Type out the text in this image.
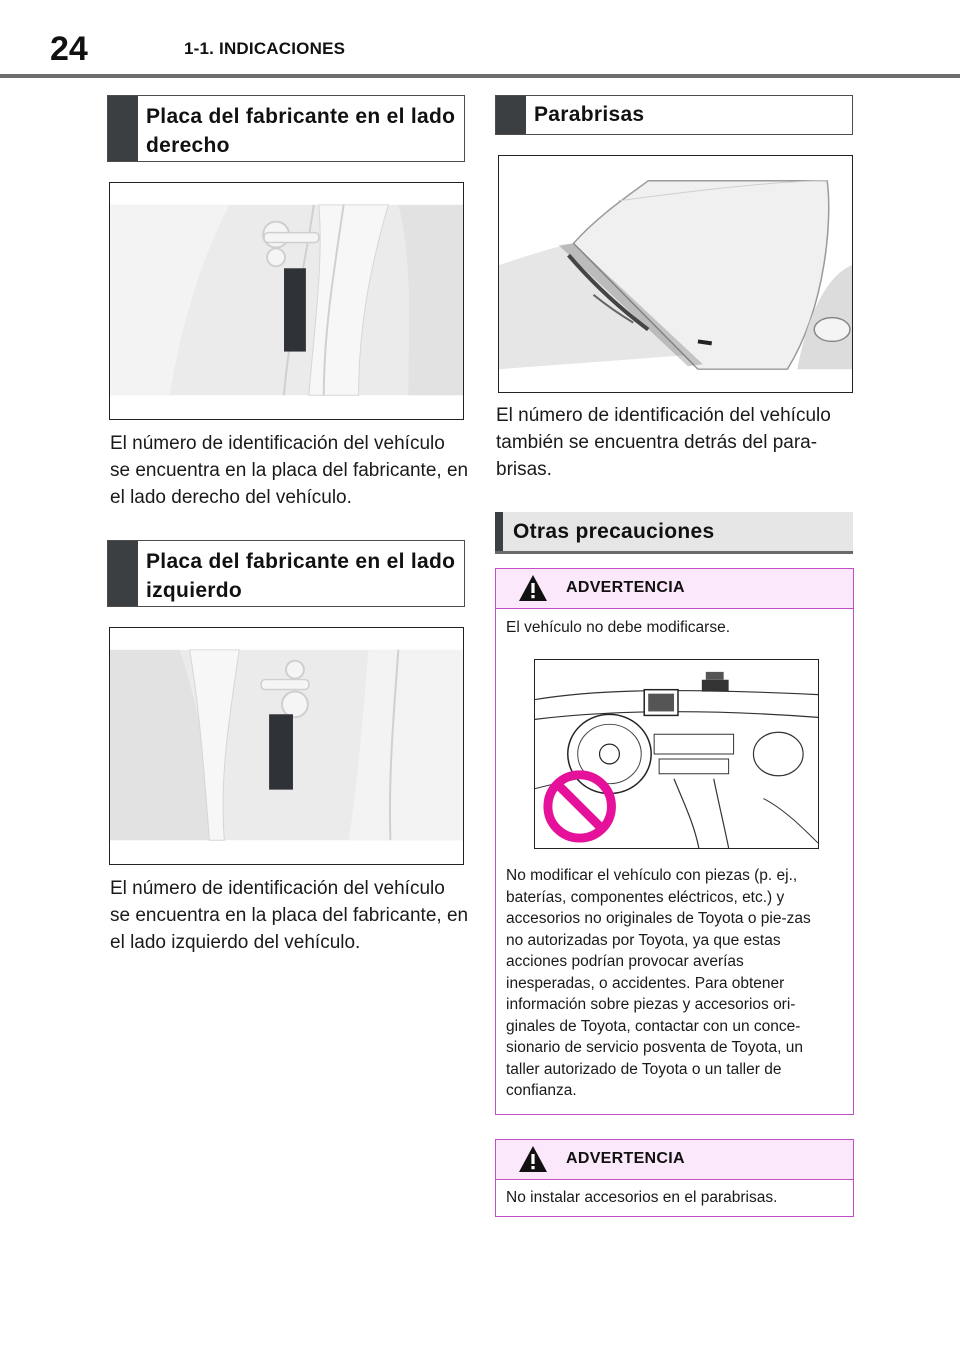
24	1-1. INDICACIONES
Placa del fabricante en el lado derecho
El número de identificación del vehículo se encuentra en la placa del fabricante, en el lado derecho del vehículo.
Placa del fabricante en el lado izquierdo
El número de identificación del vehículo se encuentra en la placa del fabricante, en el lado izquierdo del vehículo.
Parabrisas
El número de identificación del vehículo también se encuentra detrás del para-brisas.
Otras precauciones
ADVERTENCIA
El vehículo no debe modificarse.
No modificar el vehículo con piezas (p. ej., baterías, componentes eléctricos, etc.) y accesorios no originales de Toyota o pie-zas no autorizadas por Toyota, ya que estas acciones podrían provocar averías inesperadas, o accidentes. Para obtener información sobre piezas y accesorios ori-ginales de Toyota, contactar con un conce-sionario de servicio posventa de Toyota, un taller autorizado de Toyota o un taller de confianza.
ADVERTENCIA
No instalar accesorios en el parabrisas.
